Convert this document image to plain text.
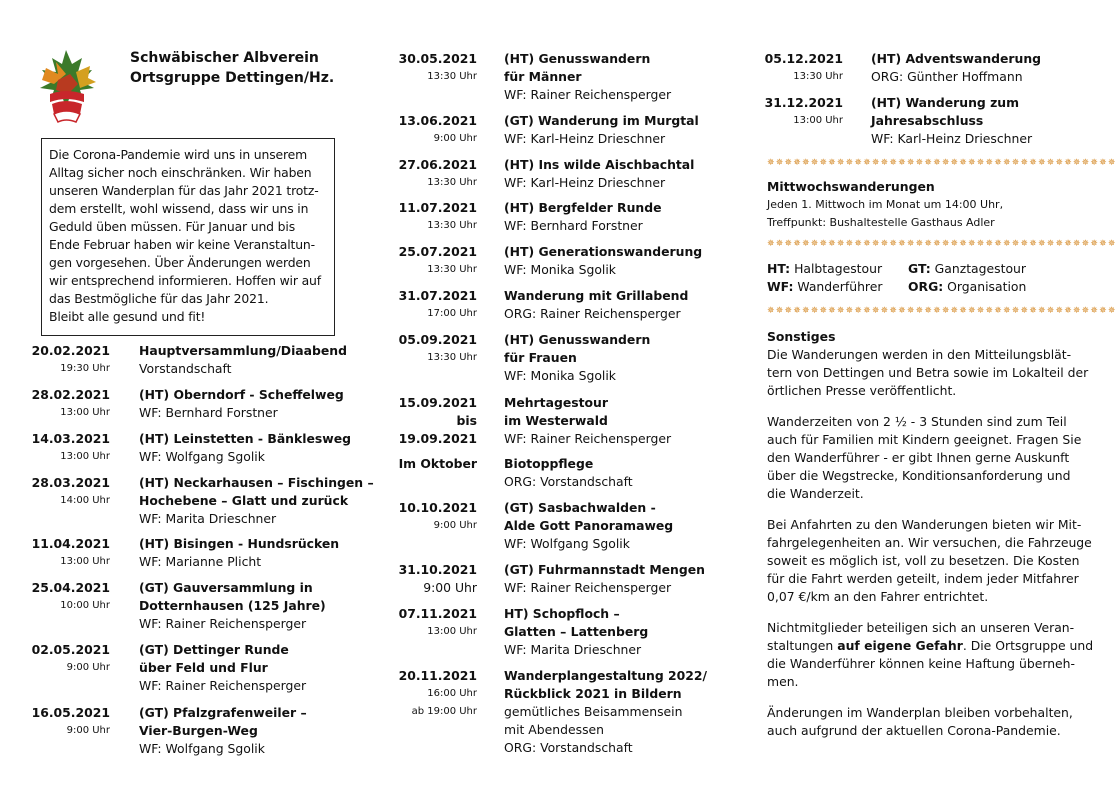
Schwäbischer Albverein
Ortsgruppe Dettingen/Hz.
Die Corona-Pandemie wird uns in unserem
Alltag sicher noch einschränken. Wir haben
unseren Wanderplan für das Jahr 2021 trotz-
dem erstellt, wohl wissend, dass wir uns in
Geduld üben müssen. Für Januar und bis
Ende Februar haben wir keine Veranstaltun-
gen vorgesehen. Über Änderungen werden
wir entsprechend informieren. Hoffen wir auf
das Bestmögliche für das Jahr 2021.
Bleibt alle gesund und fit!
20.02.2021
19:30 Uhr
Hauptversammlung/Diaabend
Vorstandschaft
28.02.2021
13:00 Uhr
(HT) Oberndorf - Scheffelweg
WF: Bernhard Forstner
14.03.2021
13:00 Uhr
(HT) Leinstetten - Bänklesweg
WF: Wolfgang Sgolik
28.03.2021
14:00 Uhr
(HT) Neckarhausen – Fischingen –
Hochebene – Glatt und zurück
WF: Marita Drieschner
11.04.2021
13:00 Uhr
(HT) Bisingen - Hundsrücken
WF: Marianne Plicht
25.04.2021
10:00 Uhr
(GT) Gauversammlung in
Dotternhausen (125 Jahre)
WF: Rainer Reichensperger
02.05.2021
9:00 Uhr
(GT) Dettinger Runde
über Feld und Flur
WF: Rainer Reichensperger
16.05.2021
9:00 Uhr
(GT) Pfalzgrafenweiler –
Vier-Burgen-Weg
WF: Wolfgang Sgolik
30.05.2021
13:30 Uhr
(HT) Genusswandern
für Männer
WF: Rainer Reichensperger
13.06.2021
9:00 Uhr
(GT) Wanderung im Murgtal
WF: Karl-Heinz Drieschner
27.06.2021
13:30 Uhr
(HT) Ins wilde Aischbachtal
WF: Karl-Heinz Drieschner
11.07.2021
13:30 Uhr
(HT) Bergfelder Runde
WF: Bernhard Forstner
25.07.2021
13:30 Uhr
(HT) Generationswanderung
WF: Monika Sgolik
31.07.2021
17:00 Uhr
Wanderung mit Grillabend
ORG: Rainer Reichensperger
05.09.2021
13:30 Uhr
(HT) Genusswandern
für Frauen
WF: Monika Sgolik
15.09.2021
bis
19.09.2021
Mehrtagestour
im Westerwald
WF: Rainer Reichensperger
Im Oktober Biotoppflege
ORG: Vorstandschaft
10.10.2021
9:00 Uhr
(GT) Sasbachwalden -
Alde Gott Panoramaweg
WF: Wolfgang Sgolik
31.10.2021
9:00 Uhr
(GT) Fuhrmannstadt Mengen
WF: Rainer Reichensperger
07.11.2021
13:00 Uhr
HT) Schopfloch –
Glatten – Lattenberg
WF: Marita Drieschner
20.11.2021
16:00 Uhr
ab 19:00 Uhr
Wanderplangestaltung 2022/
Rückblick 2021 in Bildern
gemütliches Beisammensein
mit Abendessen
ORG: Vorstandschaft
05.12.2021
13:30 Uhr
(HT) Adventswanderung
ORG: Günther Hoffmann
31.12.2021
13:00 Uhr
(HT) Wanderung zum
Jahresabschluss
WF: Karl-Heinz Drieschner
✵✵✵✵✵✵✵✵✵✵✵✵✵✵✵✵✵✵✵✵✵✵✵✵✵✵✵✵✵✵✵✵✵✵✵✵✵✵✵✵
Mittwochswanderungen
Jeden 1. Mittwoch im Monat um 14:00 Uhr,
Treffpunkt: Bushaltestelle Gasthaus Adler
✵✵✵✵✵✵✵✵✵✵✵✵✵✵✵✵✵✵✵✵✵✵✵✵✵✵✵✵✵✵✵✵✵✵✵✵✵✵✵✵
HT: Halbtagestour GT: Ganztagestour
WF: Wanderführer ORG: Organisation
✵✵✵✵✵✵✵✵✵✵✵✵✵✵✵✵✵✵✵✵✵✵✵✵✵✵✵✵✵✵✵✵✵✵✵✵✵✵✵✵
Sonstiges
Die Wanderungen werden in den Mitteilungsblät-
tern von Dettingen und Betra sowie im Lokalteil der
örtlichen Presse veröffentlicht.
Wanderzeiten von 2 ½ - 3 Stunden sind zum Teil
auch für Familien mit Kindern geeignet. Fragen Sie
den Wanderführer - er gibt Ihnen gerne Auskunft
über die Wegstrecke, Konditionsanforderung und
die Wanderzeit.
Bei Anfahrten zu den Wanderungen bieten wir Mit-
fahrgelegenheiten an. Wir versuchen, die Fahrzeuge
soweit es möglich ist, voll zu besetzen. Die Kosten
für die Fahrt werden geteilt, indem jeder Mitfahrer
0,07 €/km an den Fahrer entrichtet.
Nichtmitglieder beteiligen sich an unseren Veran-
staltungen auf eigene Gefahr. Die Ortsgruppe und
die Wanderführer können keine Haftung überneh-
men.
Änderungen im Wanderplan bleiben vorbehalten,
auch aufgrund der aktuellen Corona-Pandemie.
